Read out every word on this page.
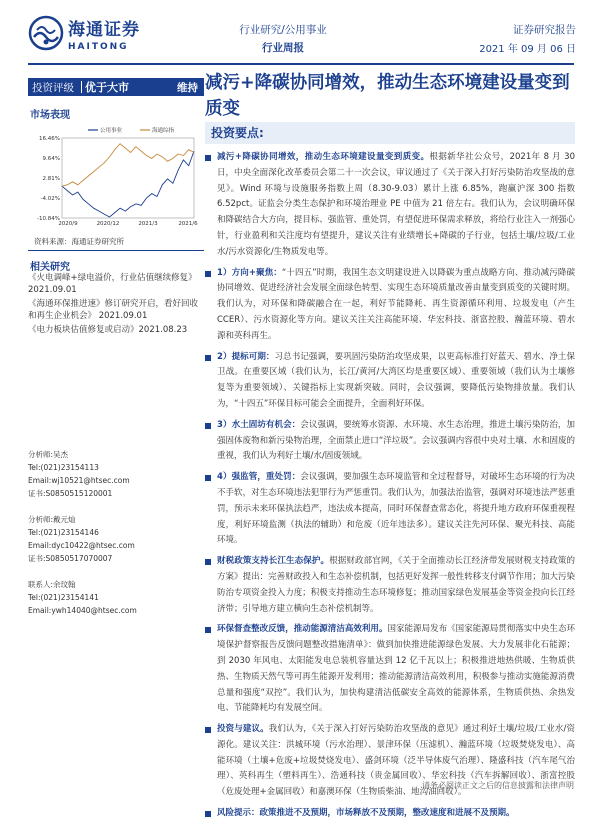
海通证券
HAITONG
行业研究/公用事业
行业周报
证券研究报告
2021 年 09 月 06 日
投资评级	优于大市	维持 减污+降碳协同增效，推动生态环境建设量变到质变
市场表现
-10.84%
-4.02%
2.81%
9.64%
16.46%
2020/9	2020/12	2021/3	2021/6
公用事业	海通综指
资料来源：海通证券研究所
相关研究
《火电调峰+绿电溢价，行业估值继续修复》 2021.09.01
《海通环保推进速》修订研究开启，看好回收和再生企业机会》 2021.09.01
《电力板块估值修复或启动》2021.08.23
分析师:吴杰
Tel:(021)23154113
Email:wj10521@htsec.com
证书:S0850515120001
分析师:戴元灿
Tel:(021)23154146
Email:dyc10422@htsec.com
证书:S0850517070007
联系人:余玟翰
Tel:(021)23154141
Email:ywh14040@htsec.com
投资要点:
减污+降碳协同增效，推动生态环境建设量变到质变。根据新华社公众号，2021年 8 月 30 日，中央全面深化改革委员会第二十一次会议，审议通过了《关于深入打好污染防治攻坚战的意见》。Wind 环境与设施服务指数上周（8.30-9.03）累计上涨 6.85%，跑赢沪深 300 指数 6.52pct。证监会分类生态保护和环境治理业 PE 中值为 21 倍左右。我们认为，会议明确环保和降碳结合大方向，提目标、强监管、重处罚，有望促进环保需求释放，将给行业注入一剂强心针，行业盈利和关注度均有望提升，建议关注有业绩增长+降碳的子行业，包括土壤/垃圾/工业水/污水资源化/生物质发电等。
1）方向+聚焦：“十四五”时期，我国生态文明建设进入以降碳为重点战略方向、推动减污降碳协同增效、促进经济社会发展全面绿色转型、实现生态环境质量改善由量变到质变的关键时期。我们认为，对环保和降碳融合在一起，利好节能降耗、再生资源循环利用、垃圾发电（产生 CCER）、污水资源化等方向。建议关注关注高能环境、华宏科技、浙富控股、瀚蓝环境、碧水源和英科再生。
2）提标可期：习总书记强调，要巩固污染防治攻坚成果，以更高标准打好蓝天、碧水、净土保卫战。在重要区域（我们认为，长江/黄河/大湾区均是重要区域）、重要领域（我们认为土壤修复等为重要领域）、关键指标上实现新突破。同时，会议强调，要降低污染物排放量。我们认为，“十四五”环保目标可能会全面提升，全面利好环保。
3）水土固坊有机会：会议强调，要统筹水资源、水环境、水生态治理，推进土壤污染防治，加强固体废物和新污染物治理，全面禁止进口“洋垃圾”。会议强调内容很中央对土壤、水和固废的重视，我们认为利好土壤/水/固废领域。
4）强监管，重处罚：会议强调，要加强生态环境监管和全过程督导，对破坏生态环境的行为决不手软，对生态环境违法犯罪行为严惩重罚。我们认为，加强法治监管，强调对环境违法严惩重罚，预示未来环保执法趋严，违法成本提高，同时环保督查常态化，将提升地方政府环保重视程度，利好环境监测（执法的辅助）和危废（近年违法多）。建议关注先河环保、聚光科技、高能环境。
财税政策支持长江生态保护。根据财政部官网，《关于全面推动长江经济带发展财税支持政策的方案》提出：完善财政投入和生态补偿机制，包括更好发挥一般性转移支付调节作用；加大污染防治专项资金投入力度；积极支持推动生态环境修复；推动国家绿色发展基金等资金投向长江经济带；引导地方建立横向生态补偿机制等。
环保督查整改反馈，推动能源清洁高效利用。国家能源局发布《国家能源局贯彻落实中央生态环境保护督察报告反馈问题整改措施清单》：做到加快推进能源绿色发展、大力发展非化石能源；到 2030 年风电、太阳能发电总装机容量达到 12 亿千瓦以上；积极推进地热供暖、生物质供热、生物质天然气等可再生能源开发利用；推动能源清洁高效利用，积极参与推动实施能源消费总量和强度“双控”。我们认为，加快构建清洁低碳安全高效的能源体系，生物质供热、余热发电、节能降耗均有发展空间。
投资与建议。我们认为，《关于深入打好污染防治攻坚战的意见》通过利好土壤/垃圾/工业水/资源化。建议关注：洪城环境（污水治理）、景津环保（压滤机）、瀚蓝环境（垃圾焚烧发电）、高能环境（土壤+危废+垃圾焚烧发电）、盛剑环境（泛半导体废气治理）、隆盛科技（汽车尾气治理）、英科再生（塑料再生）、浩通科技（贵金属回收）、华宏科技（汽车拆解回收）、浙富控股（危废处理+金属回收）和嘉澳环保（生物质柴油、地沟油回收）。
风险提示：政策推进不及预期，市场释放不及预期，整改速度和进展不及预期。
请务必阅读正文之后的信息披露和法律声明
